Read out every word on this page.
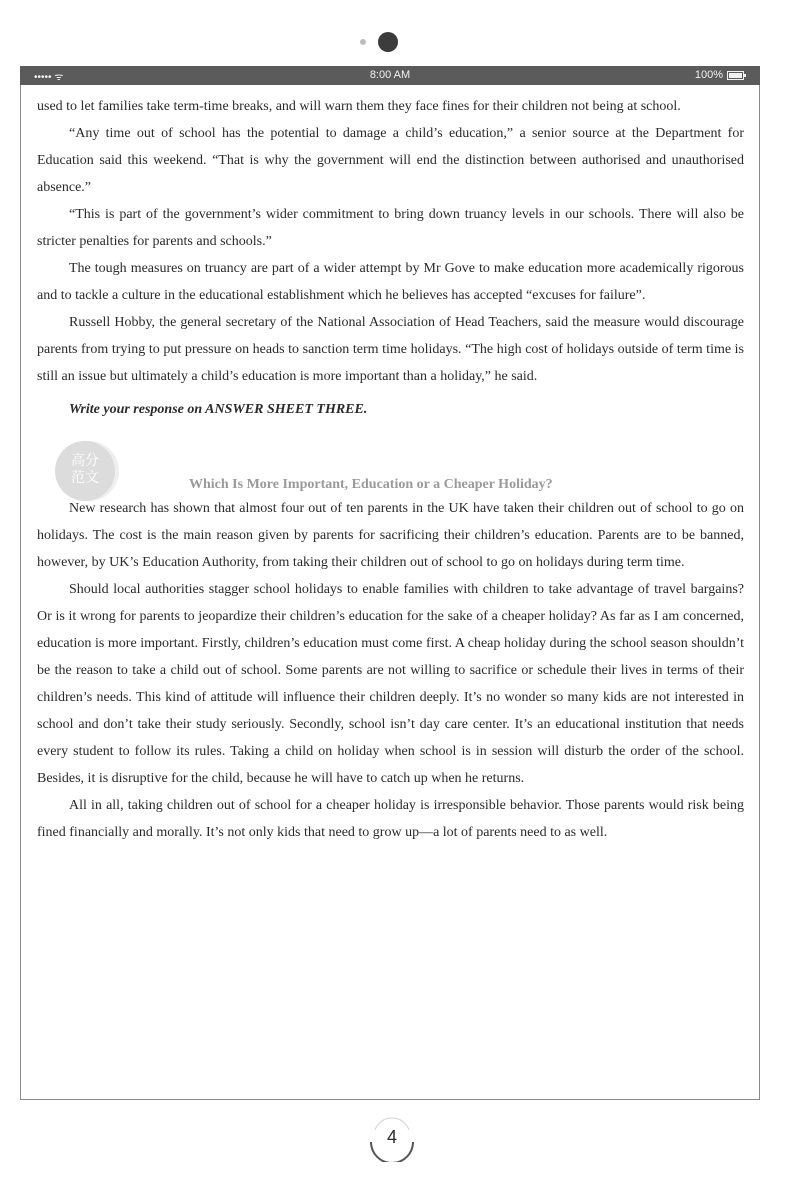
••••• ᯤ	8:00 AM	100%

used to let families take term-time breaks, and will warn them they face fines for their children not being at school.

“Any time out of school has the potential to damage a child’s education,” a senior source at the Department for Education said this weekend. “That is why the government will end the distinction between authorised and unauthorised absence.”

“This is part of the government’s wider commitment to bring down truancy levels in our schools. There will also be stricter penalties for parents and schools.”

The tough measures on truancy are part of a wider attempt by Mr Gove to make education more academically rigorous and to tackle a culture in the educational establishment which he believes has accepted “excuses for failure”.

Russell Hobby, the general secretary of the National Association of Head Teachers, said the measure would discourage parents from trying to put pressure on heads to sanction term time holidays. “The high cost of holidays outside of term time is still an issue but ultimately a child’s education is more important than a holiday,” he said.

Write your response on ANSWER SHEET THREE.

高分
范文	Which Is More Important, Education or a Cheaper Holiday?

New research has shown that almost four out of ten parents in the UK have taken their children out of school to go on holidays. The cost is the main reason given by parents for sacrificing their children’s education. Parents are to be banned, however, by UK’s Education Authority, from taking their children out of school to go on holidays during term time.

Should local authorities stagger school holidays to enable families with children to take advantage of travel bargains? Or is it wrong for parents to jeopardize their children’s education for the sake of a cheaper holiday? As far as I am concerned, education is more important. Firstly, children’s education must come first. A cheap holiday during the school season shouldn’t be the reason to take a child out of school. Some parents are not willing to sacrifice or schedule their lives in terms of their children’s needs. This kind of attitude will influence their children deeply. It’s no wonder so many kids are not interested in school and don’t take their study seriously. Secondly, school isn’t day care center. It’s an educational institution that needs every student to follow its rules. Taking a child on holiday when school is in session will disturb the order of the school. Besides, it is disruptive for the child, because he will have to catch up when he returns.

All in all, taking children out of school for a cheaper holiday is irresponsible behavior. Those parents would risk being fined financially and morally. It’s not only kids that need to grow up—a lot of parents need to as well.

4
